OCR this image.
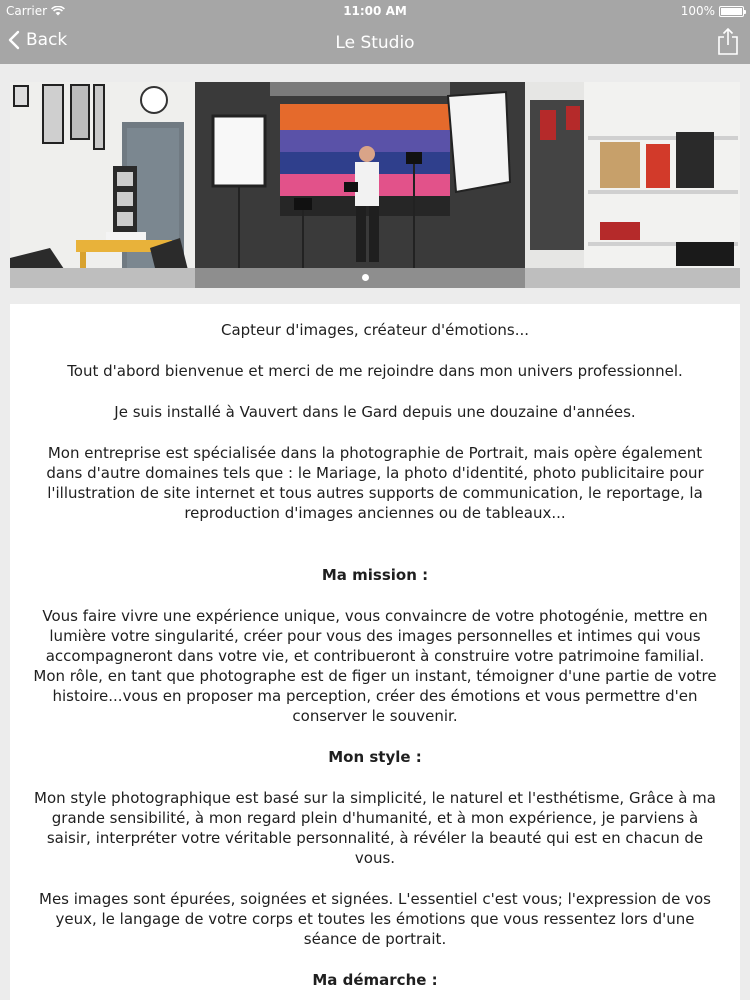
Carrier	11:00 AM	100%
Back	Le Studio

Capteur d'images, créateur d'émotions...

Tout d'abord bienvenue et merci de me rejoindre dans mon univers professionnel.

Je suis installé à Vauvert dans le Gard depuis une douzaine d'années.

Mon entreprise est spécialisée dans la photographie de Portrait, mais opère également dans d'autre domaines tels que : le Mariage, la photo d'identité, photo publicitaire pour l'illustration de site internet et tous autres supports de communication, le reportage, la reproduction d'images anciennes ou de tableaux...

Ma mission :

Vous faire vivre une expérience unique, vous convaincre de votre photogénie, mettre en lumière votre singularité, créer pour vous des images personnelles et intimes qui vous accompagneront dans votre vie, et contribueront à construire votre patrimoine familial. Mon rôle, en tant que photographe est de figer un instant, témoigner d'une partie de votre histoire...vous en proposer ma perception, créer des émotions et vous permettre d'en conserver le souvenir.

Mon style :

Mon style photographique est basé sur la simplicité, le naturel et l'esthétisme, Grâce à ma grande sensibilité, à mon regard plein d'humanité, et à mon expérience, je parviens à saisir, interpréter votre véritable personnalité, à révéler la beauté qui est en chacun de vous.

Mes images sont épurées, soignées et signées. L'essentiel c'est vous; l'expression de vos yeux, le langage de votre corps et toutes les émotions que vous ressentez lors d'une séance de portrait.

Ma démarche :
